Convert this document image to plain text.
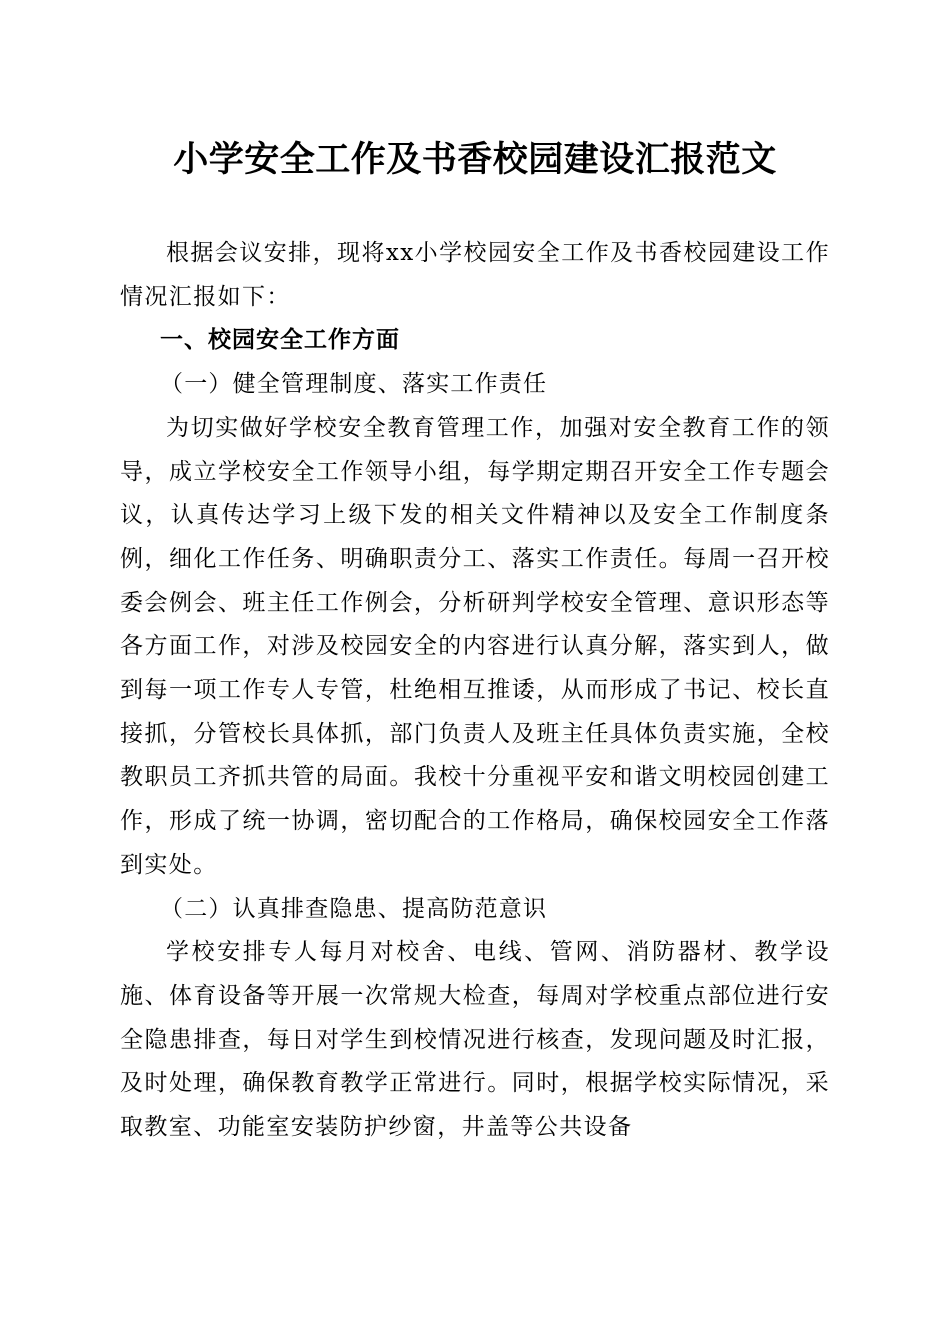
小学安全工作及书香校园建设汇报范文

根据会议安排，现将xx小学校园安全工作及书香校园建设工作情况汇报如下：

一、校园安全工作方面
（一）健全管理制度、落实工作责任

为切实做好学校安全教育管理工作，加强对安全教育工作的领导，成立学校安全工作领导小组，每学期定期召开安全工作专题会议，认真传达学习上级下发的相关文件精神以及安全工作制度条例，细化工作任务、明确职责分工、落实工作责任。每周一召开校委会例会、班主任工作例会，分析研判学校安全管理、意识形态等各方面工作，对涉及校园安全的内容进行认真分解，落实到人，做到每一项工作专人专管，杜绝相互推诿，从而形成了书记、校长直接抓，分管校长具体抓，部门负责人及班主任具体负责实施，全校教职员工齐抓共管的局面。我校十分重视平安和谐文明校园创建工作，形成了统一协调，密切配合的工作格局，确保校园安全工作落到实处。

（二）认真排查隐患、提高防范意识

学校安排专人每月对校舍、电线、管网、消防器材、教学设施、体育设备等开展一次常规大检查，每周对学校重点部位进行安全隐患排查，每日对学生到校情况进行核查，发现问题及时汇报，及时处理，确保教育教学正常进行。同时，根据学校实际情况，采取教室、功能室安装防护纱窗，井盖等公共设备
